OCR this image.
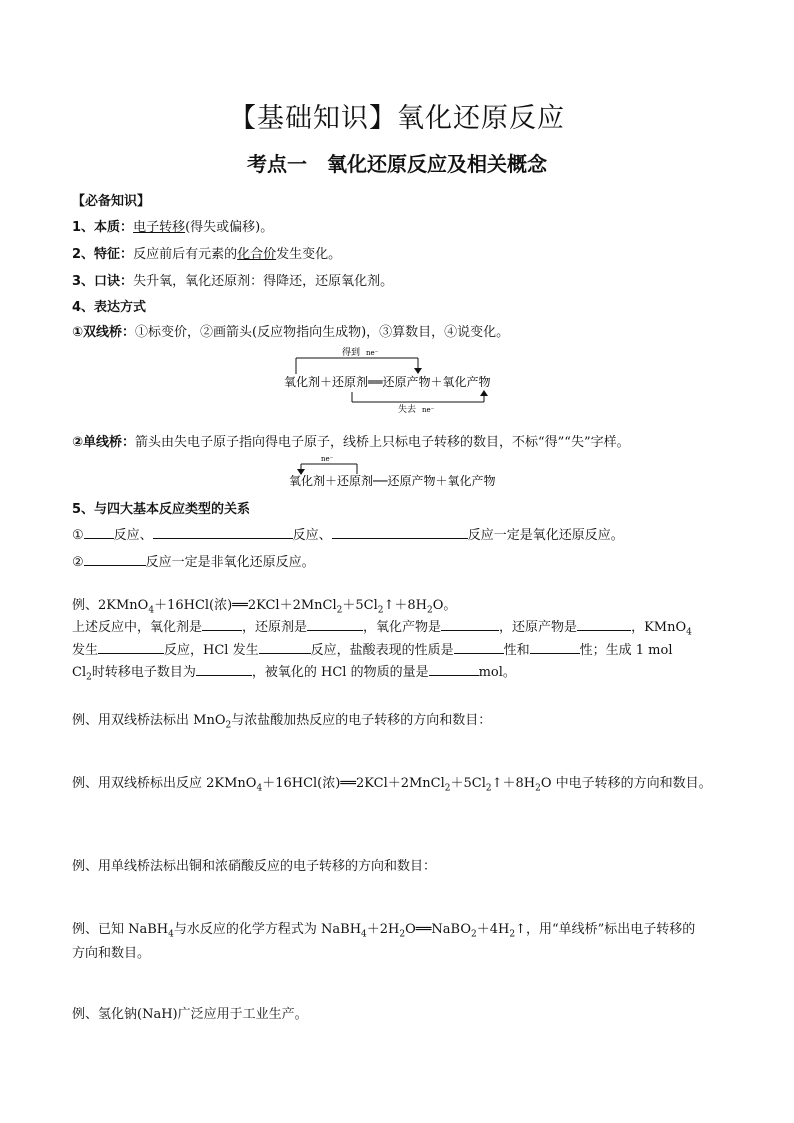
【基础知识】氧化还原反应
考点一　氧化还原反应及相关概念
【必备知识】
1、本质：电子转移(得失或偏移)。
2、特征：反应前后有元素的化合价发生变化。
3、口诀：失升氧，氧化还原剂：得降还，还原氧化剂。
4、表达方式
①双线桥：①标变价，②画箭头(反应物指向生成物)，③算数目，④说变化。
得到 ne⁻
氧化剂＋还原剂══还原产物＋氧化产物
失去 ne⁻
②单线桥：箭头由失电子原子指向得电子原子，线桥上只标电子转移的数目，不标“得”“失”字样。
ne⁻
氧化剂＋还原剂──还原产物＋氧化产物
5、与四大基本反应类型的关系
① 反应、	反应、	反应一定是氧化还原反应。
②	反应一定是非氧化还原反应。
例、2KMnO$_4$＋16HCl(浓)$══2KCl+2MnCl_2+5Cl_2↑+8H_2O$。
上述反应中，氧化剂是	，还原剂是	，氧化产物是	，还原产物是	，KMnO$_4$
发生	反应，HCl 发生	反应，盐酸表现的性质是	性和	性；生成 1 mol
$Cl_2$时转移电子数目为	，被氧化的 HCl 的物质的量是	mol。
例、用双线桥法标出 MnO$_2$与浓盐酸加热反应的电子转移的方向和数目：
例、用双线桥标出反应 2KMnO$_4$＋16HCl(浓)$══2KCl+2MnCl_2+5Cl_2↑+8H_2O$ 中电子转移的方向和数目。
例、用单线桥法标出铜和浓硝酸反应的电子转移的方向和数目：
例、已知 NaBH$_4$与水反应的化学方程式为 $NaBH_4+2H_2O══NaBO_2+4H_2↑$，用“单线桥”标出电子转移的
方向和数目。
例、氢化钠(NaH)广泛应用于工业生产。
